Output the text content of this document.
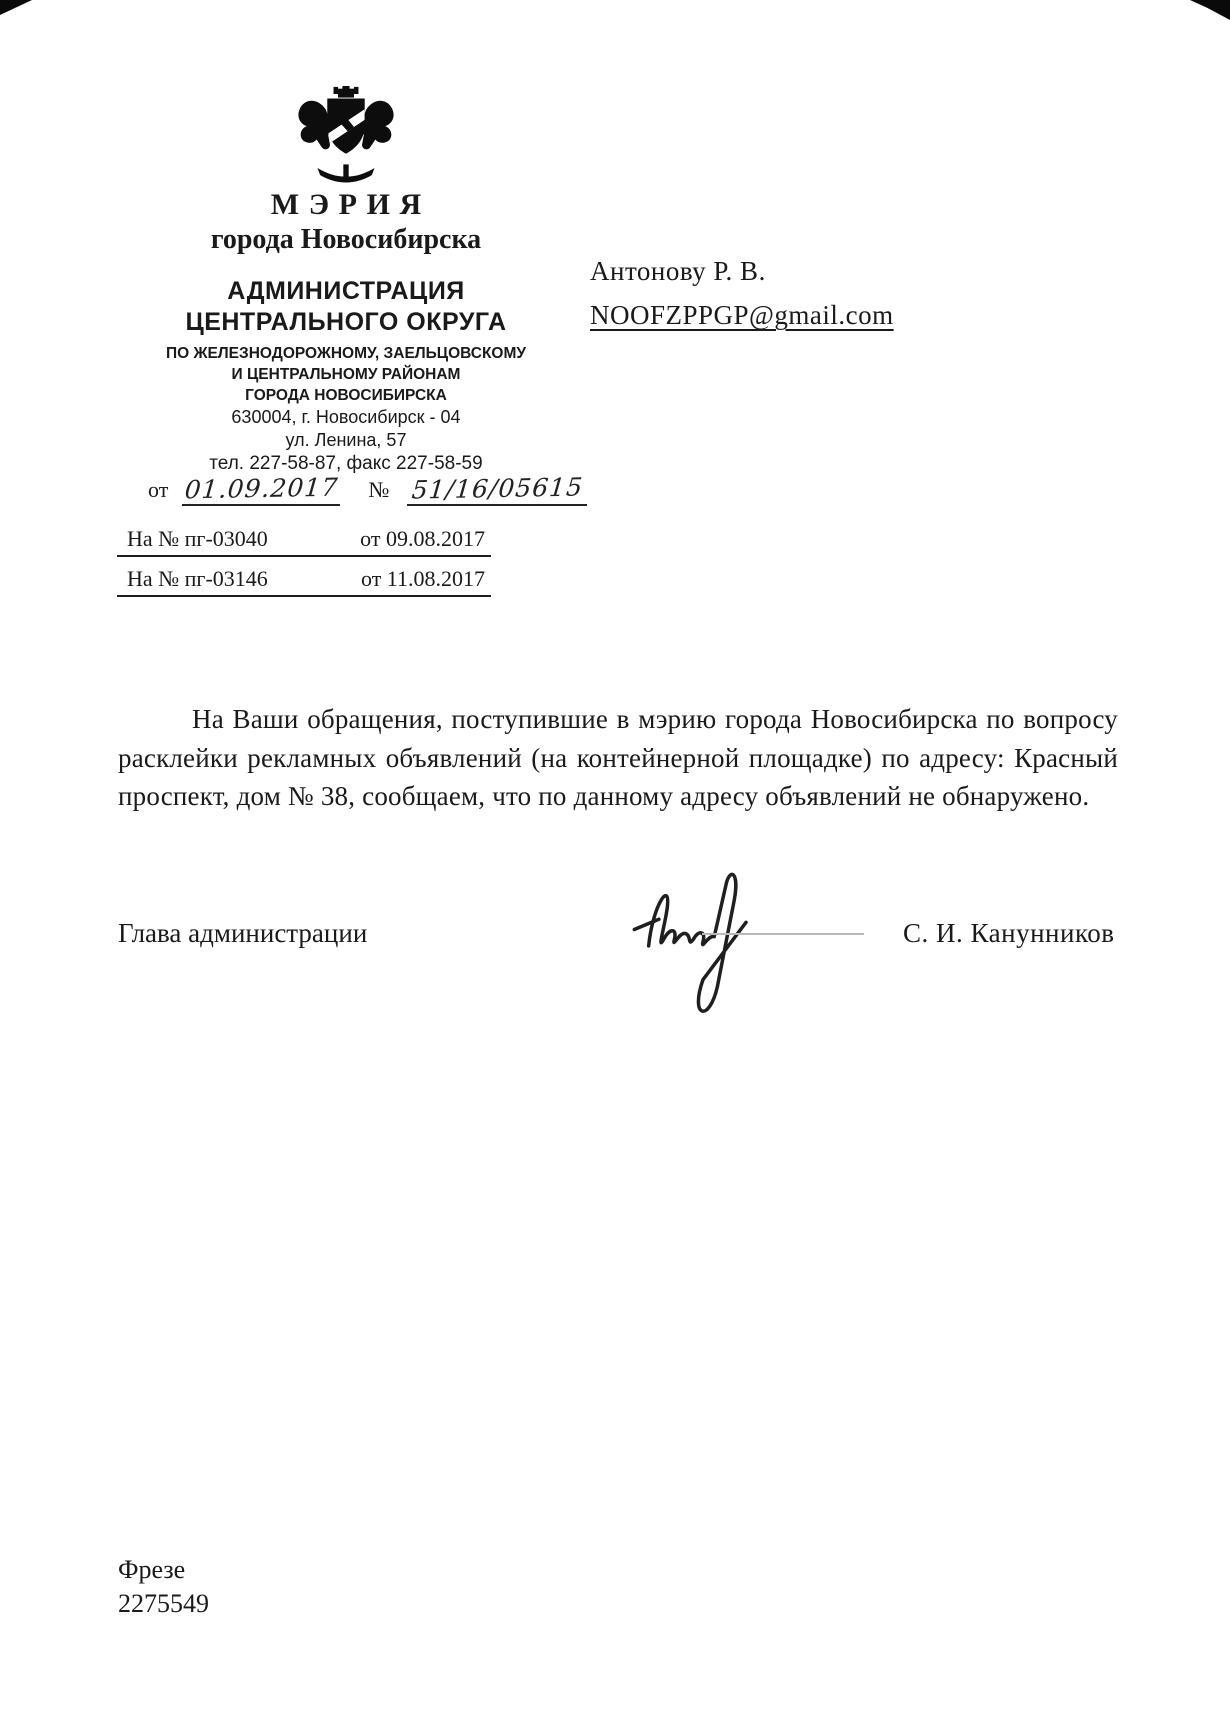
МЭРИЯ
города Новосибирска
АДМИНИСТРАЦИЯ
ЦЕНТРАЛЬНОГО ОКРУГА
ПО ЖЕЛЕЗНОДОРОЖНОМУ, ЗАЕЛЬЦОВСКОМУ
И ЦЕНТРАЛЬНОМУ РАЙОНАМ
ГОРОДА НОВОСИБИРСКА
630004, г. Новосибирск - 04
ул. Ленина, 57
тел. 227-58-87, факс 227-58-59
Антонову Р. В.
NOOFZPPGP@gmail.com
от 01.09.2017 № 51/16/05615
На № пг-03040	от 09.08.2017
На № пг-03146	от 11.08.2017

На Ваши обращения, поступившие в мэрию города Новосибирска по вопросу расклейки рекламных объявлений (на контейнерной площадке) по адресу: Красный проспект, дом № 38, сообщаем, что по данному адресу объявлений не обнаружено.

Глава администрации	С. И. Канунников
Фрезе
2275549
